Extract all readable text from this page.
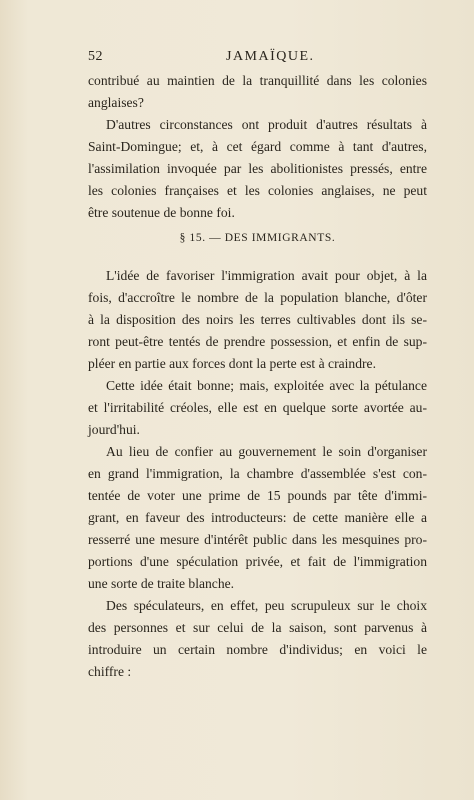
52	JAMAÏQUE.
contribué au maintien de la tranquillité dans les colonies
anglaises?
D'autres circonstances ont produit d'autres résultats à
Saint-Domingue; et, à cet égard comme à tant d'autres,
l'assimilation invoquée par les abolitionistes pressés, entre
les colonies françaises et les colonies anglaises, ne peut
être soutenue de bonne foi.
§ 15. — DES IMMIGRANTS.
L'idée de favoriser l'immigration avait pour objet, à la
fois, d'accroître le nombre de la population blanche, d'ôter
à la disposition des noirs les terres cultivables dont ils se-
ront peut-être tentés de prendre possession, et enfin de sup-
pléer en partie aux forces dont la perte est à craindre.
Cette idée était bonne; mais, exploitée avec la pétulance
et l'irritabilité créoles, elle est en quelque sorte avortée au-
jourd'hui.
Au lieu de confier au gouvernement le soin d'organiser
en grand l'immigration, la chambre d'assemblée s'est con-
tentée de voter une prime de 15 pounds par tête d'immi-
grant, en faveur des introducteurs: de cette manière elle a
resserré une mesure d'intérêt public dans les mesquines pro-
portions d'une spéculation privée, et fait de l'immigration
une sorte de traite blanche.
Des spéculateurs, en effet, peu scrupuleux sur le choix
des personnes et sur celui de la saison, sont parvenus à
introduire un certain nombre d'individus; en voici le
chiffre :
